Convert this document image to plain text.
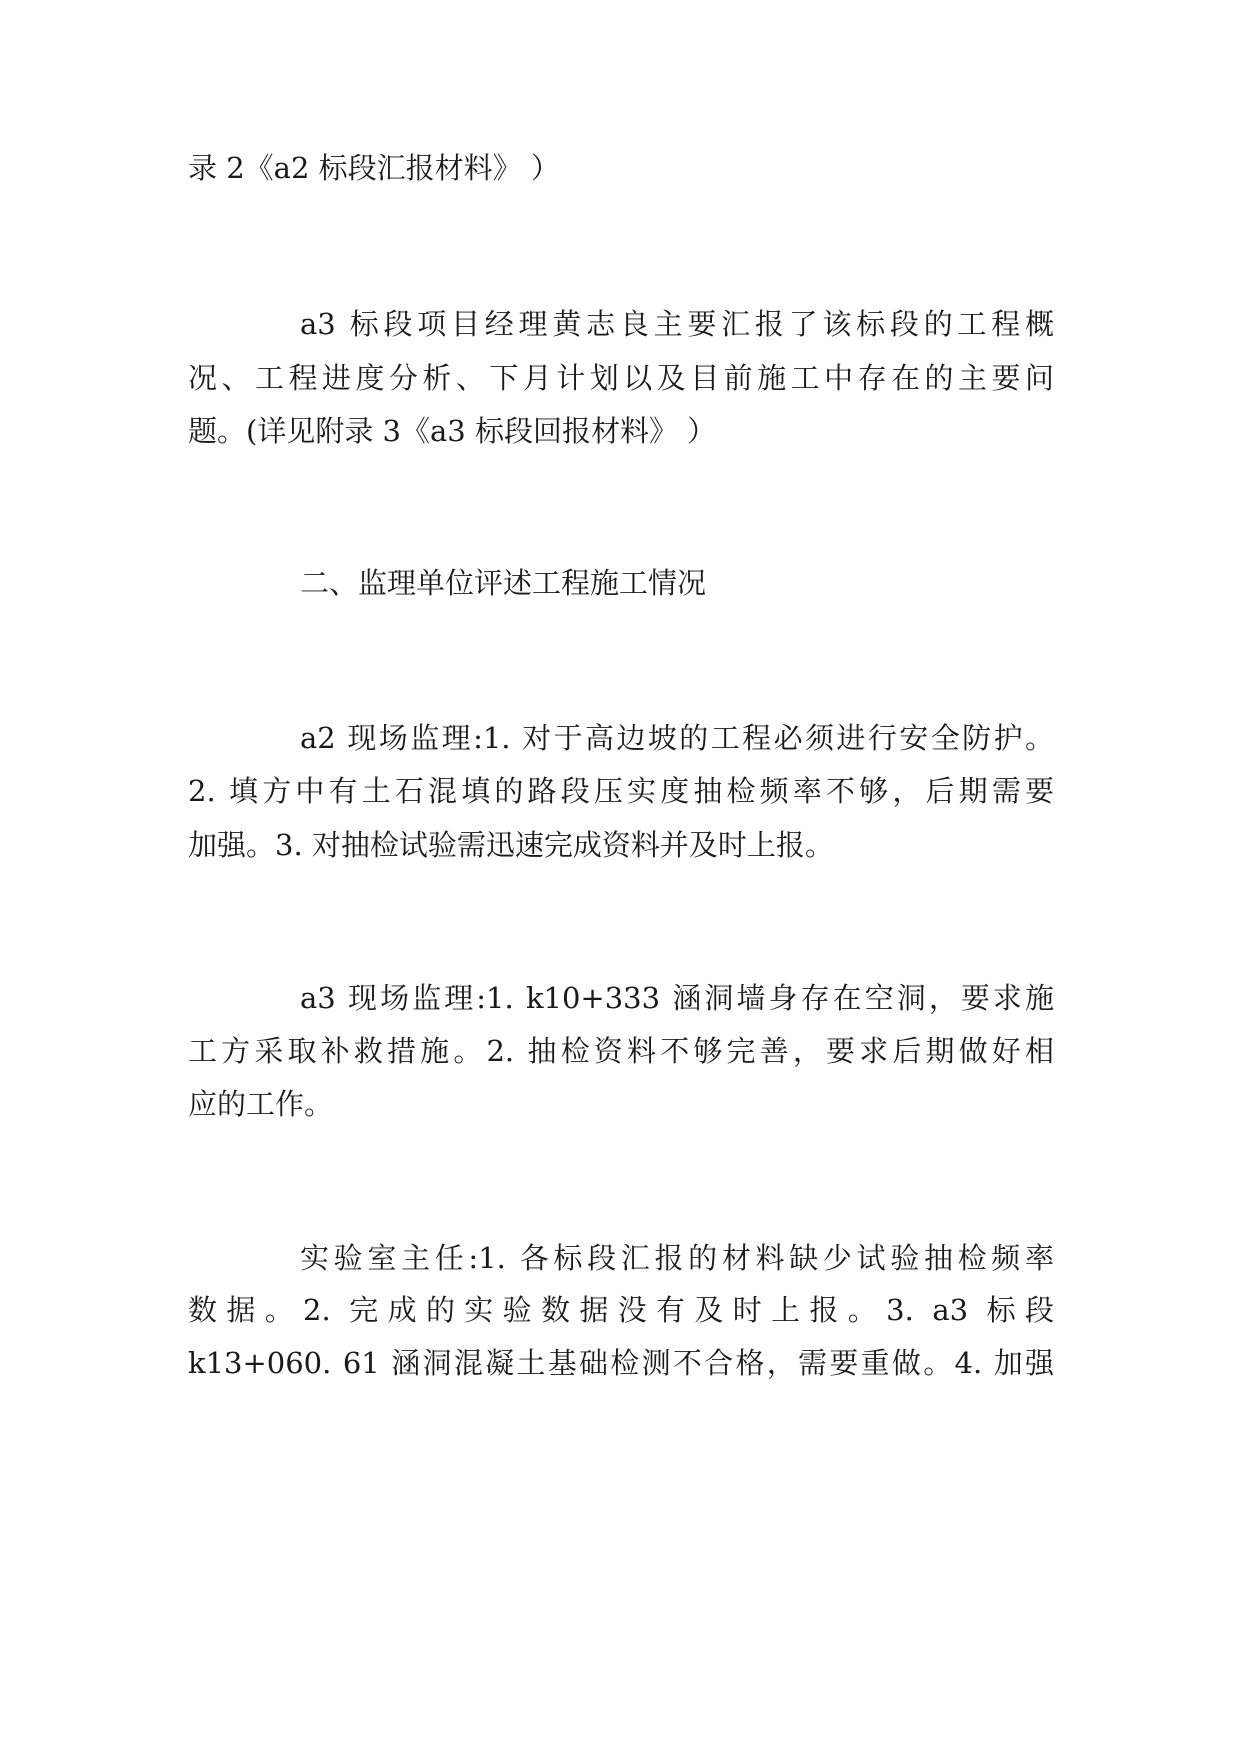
录 2《a2 标段汇报材料》 ）
a3 标段项目经理黄志良主要汇报了该标段的工程概
况、工程进度分析、下月计划以及目前施工中存在的主要问
题。(详见附录 3《a3 标段回报材料》 ）
二、监理单位评述工程施工情况
a2 现场监理:1. 对于高边坡的工程必须进行安全防护。
2. 填方中有土石混填的路段压实度抽检频率不够，后期需要
加强。3. 对抽检试验需迅速完成资料并及时上报。
a3 现场监理:1. k10+333 涵洞墙身存在空洞，要求施
工方采取补救措施。2. 抽检资料不够完善，要求后期做好相
应的工作。
实验室主任:1. 各标段汇报的材料缺少试验抽检频率
数据。2. 完成的实验数据没有及时上报。3. a3 标段
k13+060. 61 涵洞混凝土基础检测不合格，需要重做。4. 加强
